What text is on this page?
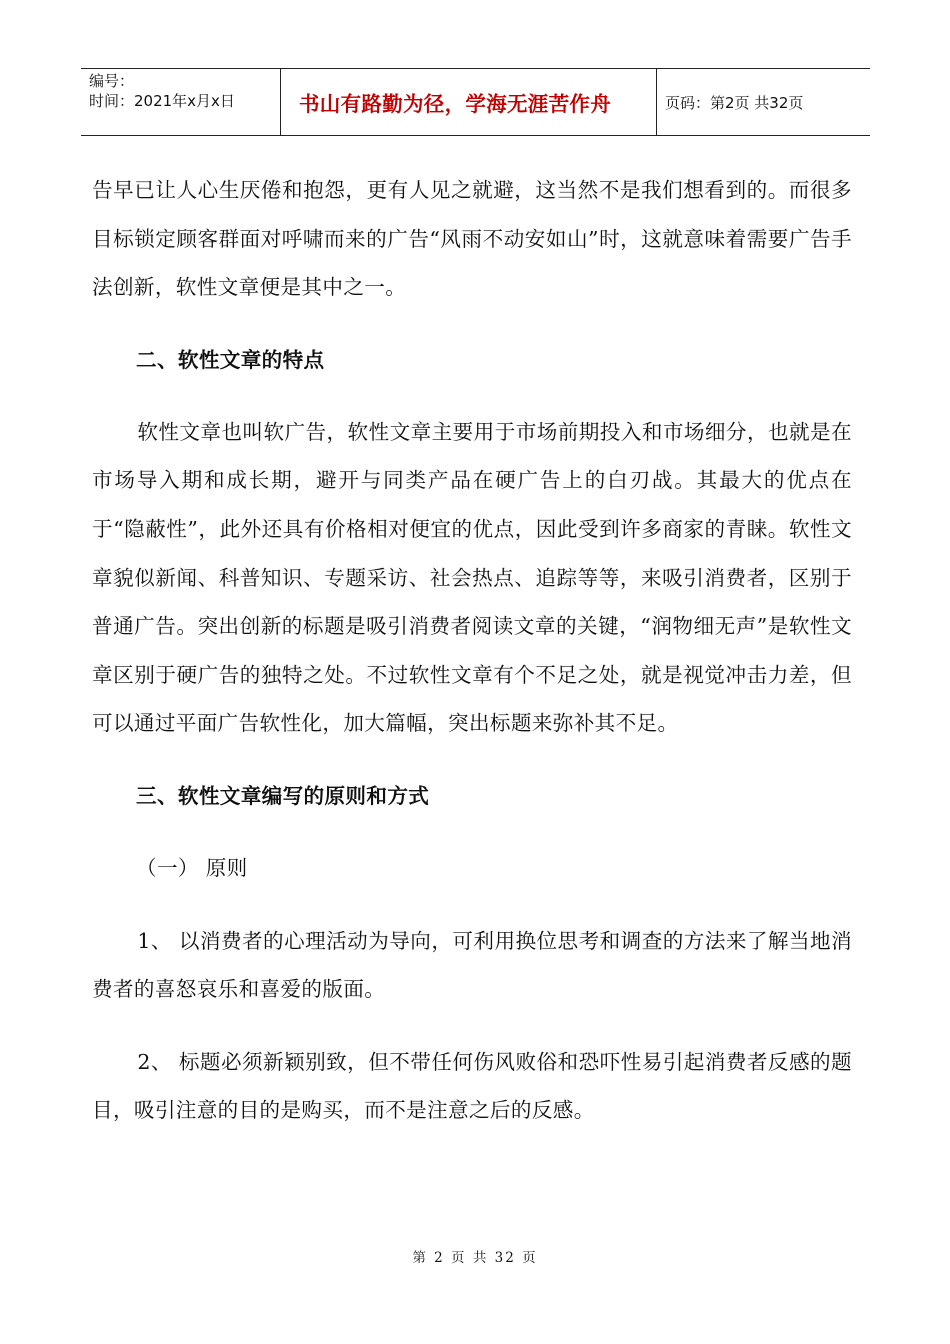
编号：
时间：2021年x月x日	书山有路勤为径，学海无涯苦作舟	页码：第2页 共32页

告早已让人心生厌倦和抱怨，更有人见之就避，这当然不是我们想看到的。而很多目标锁定顾客群面对呼啸而来的广告“风雨不动安如山”时，这就意味着需要广告手法创新，软性文章便是其中之一。

二、软性文章的特点

软性文章也叫软广告，软性文章主要用于市场前期投入和市场细分，也就是在市场导入期和成长期，避开与同类产品在硬广告上的白刃战。其最大的优点在于“隐蔽性”，此外还具有价格相对便宜的优点，因此受到许多商家的青睐。软性文章貌似新闻、科普知识、专题采访、社会热点、追踪等等，来吸引消费者，区别于普通广告。突出创新的标题是吸引消费者阅读文章的关键，“润物细无声”是软性文章区别于硬广告的独特之处。不过软性文章有个不足之处，就是视觉冲击力差，但可以通过平面广告软性化，加大篇幅，突出标题来弥补其不足。

三、软性文章编写的原则和方式

（一） 原则

1、 以消费者的心理活动为导向，可利用换位思考和调查的方法来了解当地消费者的喜怒哀乐和喜爱的版面。

2、 标题必须新颖别致，但不带任何伤风败俗和恐吓性易引起消费者反感的题目，吸引注意的目的是购买，而不是注意之后的反感。

第 2 页 共 32 页
